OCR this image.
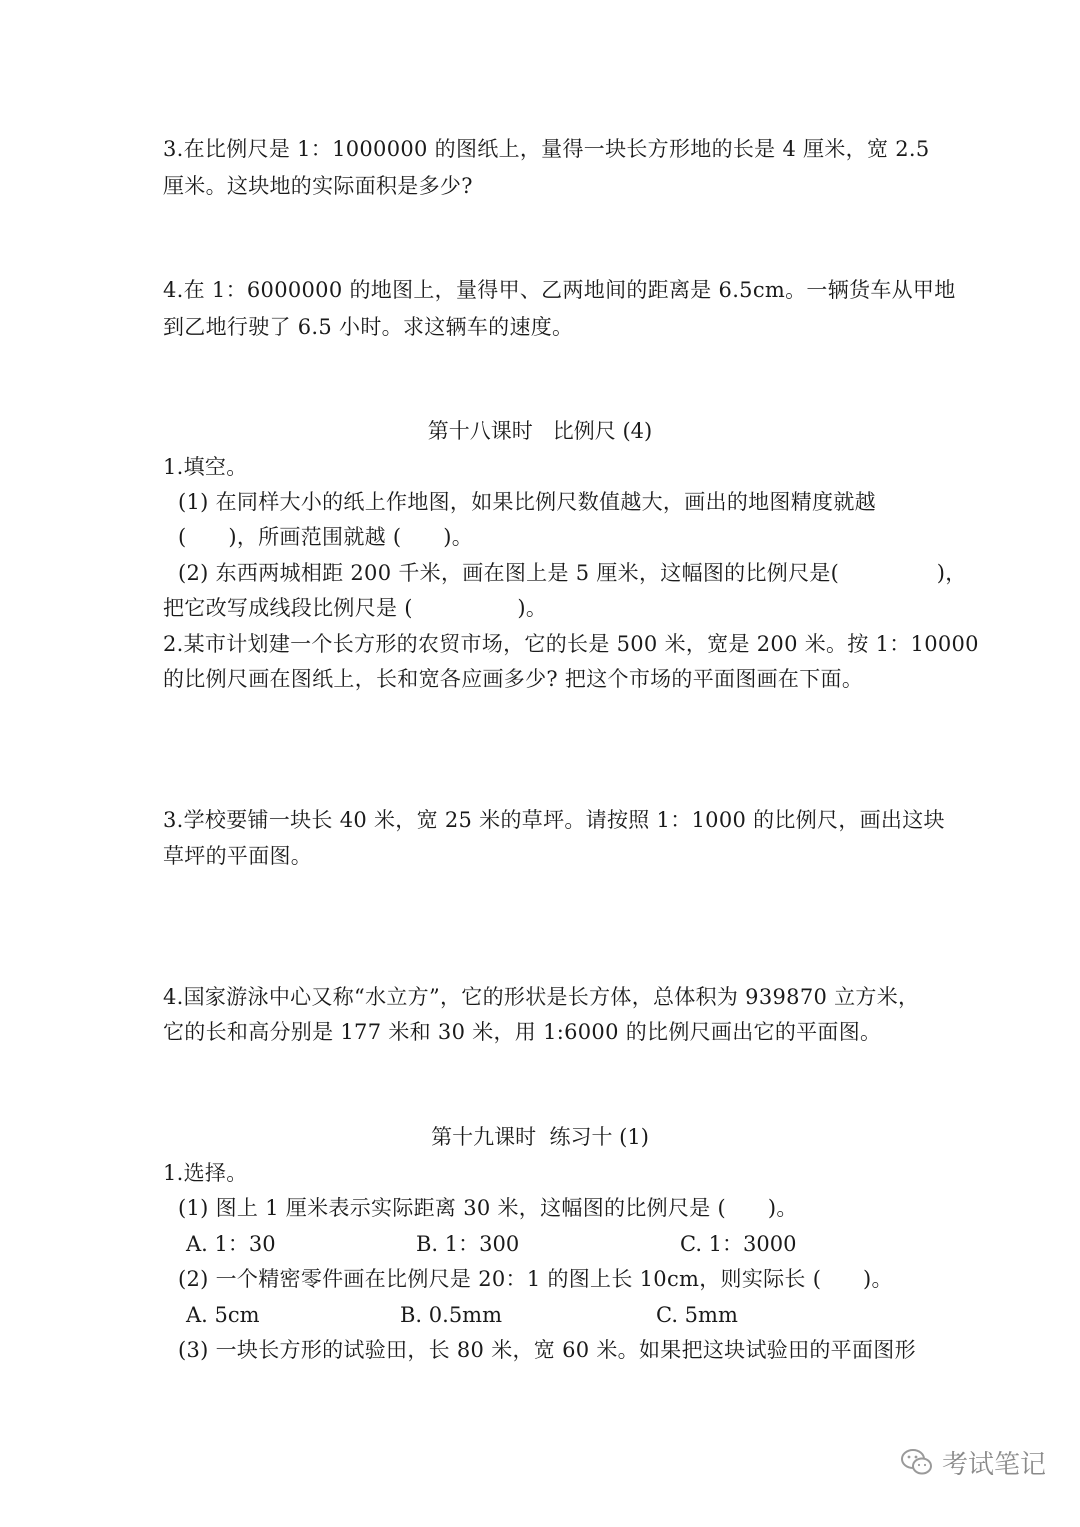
3.在比例尺是 1：1000000 的图纸上，量得一块长方形地的长是 4 厘米，宽 2.5
厘米。这块地的实际面积是多少?
4.在 1：6000000 的地图上，量得甲、乙两地间的距离是 6.5cm。一辆货车从甲地
到乙地行驶了 6.5 小时。求这辆车的速度。
第十八课时   比例尺 (4)
1.填空。
(1) 在同样大小的纸上作地图，如果比例尺数值越大，画出的地图精度就越
(      )，所画范围就越 (      )。
(2) 东西两城相距 200 千米，画在图上是 5 厘米，这幅图的比例尺是(              )，
把它改写成线段比例尺是 (               )。
2.某市计划建一个长方形的农贸市场，它的长是 500 米，宽是 200 米。按 1：10000
的比例尺画在图纸上，长和宽各应画多少? 把这个市场的平面图画在下面。
3.学校要铺一块长 40 米，宽 25 米的草坪。请按照 1：1000 的比例尺，画出这块
草坪的平面图。
4.国家游泳中心又称“水立方”，它的形状是长方体，总体积为 939870 立方米，
它的长和高分别是 177 米和 30 米，用 1:6000 的比例尺画出它的平面图。
第十九课时  练习十 (1)
1.选择。
(1) 图上 1 厘米表示实际距离 30 米，这幅图的比例尺是 (      )。

A. 1：30

	B. 1：300

	C. 1：3000

(2) 一个精密零件画在比例尺是 20：1 的图上长 10cm，则实际长 (      )。

A. 5cm

	B. 0.5mm

	C. 5mm

(3) 一块长方形的试验田，长 80 米，宽 60 米。如果把这块试验田的平面图形
考试笔记
